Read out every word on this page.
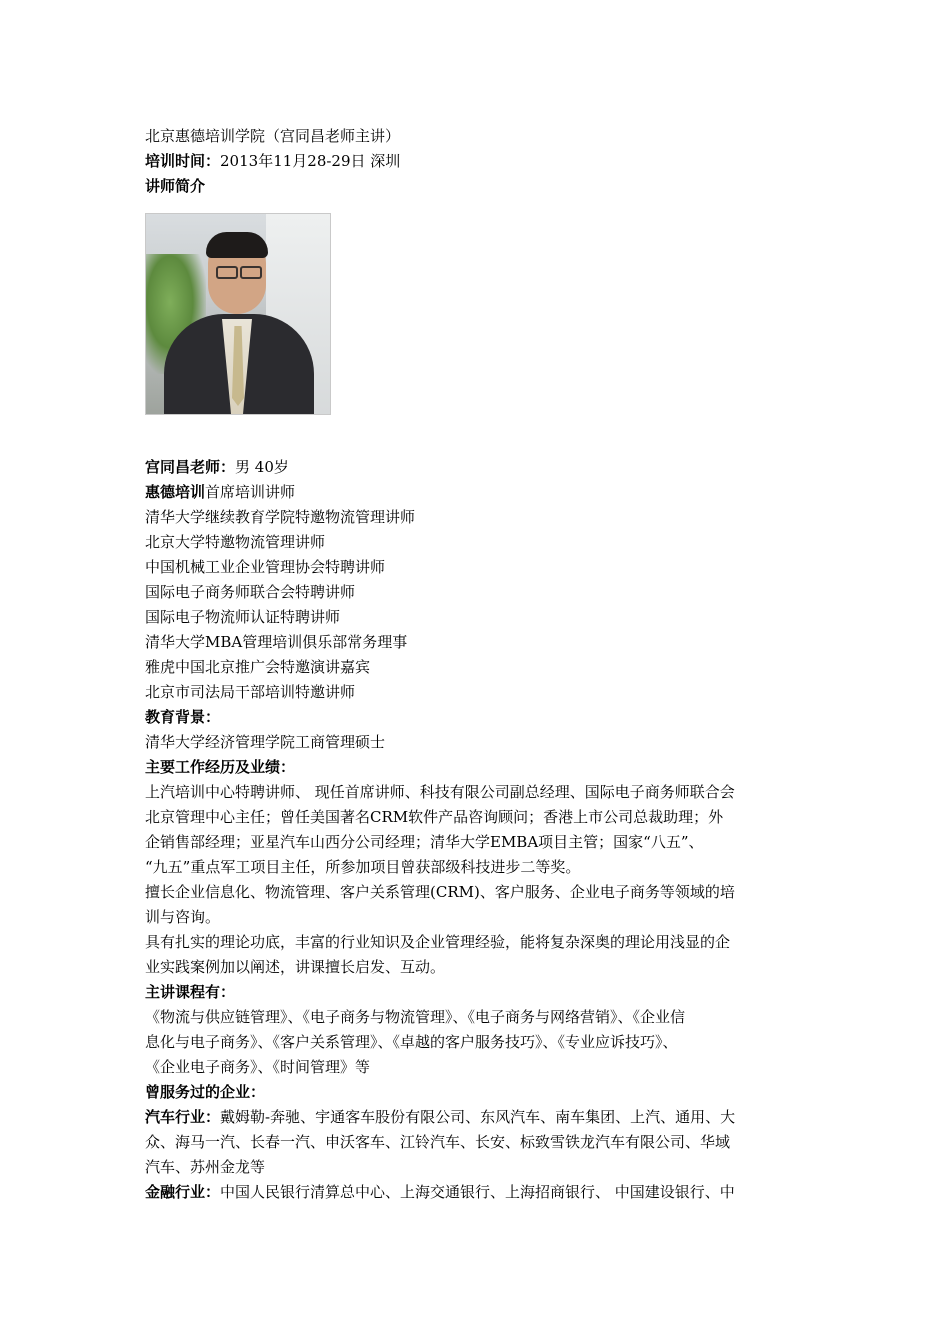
北京惠德培训学院（宫同昌老师主讲）
培训时间：2013年11月28-29日 深圳
讲师简介
宫同昌老师：男 40岁
惠德培训首席培训讲师
清华大学继续教育学院特邀物流管理讲师
北京大学特邀物流管理讲师
中国机械工业企业管理协会特聘讲师
国际电子商务师联合会特聘讲师
国际电子物流师认证特聘讲师
清华大学MBA管理培训俱乐部常务理事
雅虎中国北京推广会特邀演讲嘉宾
北京市司法局干部培训特邀讲师
教育背景：
清华大学经济管理学院工商管理硕士
主要工作经历及业绩：
上汽培训中心特聘讲师、 现任首席讲师、科技有限公司副总经理、国际电子商务师联合会
北京管理中心主任；曾任美国著名CRM软件产品咨询顾问；香港上市公司总裁助理；外
企销售部经理；亚星汽车山西分公司经理；清华大学EMBA项目主管；国家“八五”、
“九五”重点军工项目主任，所参加项目曾获部级科技进步二等奖。
擅长企业信息化、物流管理、客户关系管理(CRM)、客户服务、企业电子商务等领域的培
训与咨询。
具有扎实的理论功底，丰富的行业知识及企业管理经验，能将复杂深奥的理论用浅显的企
业实践案例加以阐述，讲课擅长启发、互动。
主讲课程有：
《物流与供应链管理》、《电子商务与物流管理》、《电子商务与网络营销》、《企业信
息化与电子商务》、《客户关系管理》、《卓越的客户服务技巧》、《专业应诉技巧》、
《企业电子商务》、《时间管理》等
曾服务过的企业：
汽车行业：戴姆勒-奔驰、宇通客车股份有限公司、东风汽车、南车集团、上汽、通用、大
众、海马一汽、长春一汽、申沃客车、江铃汽车、长安、标致雪铁龙汽车有限公司、华域
汽车、苏州金龙等
金融行业：中国人民银行清算总中心、上海交通银行、上海招商银行、 中国建设银行、中
